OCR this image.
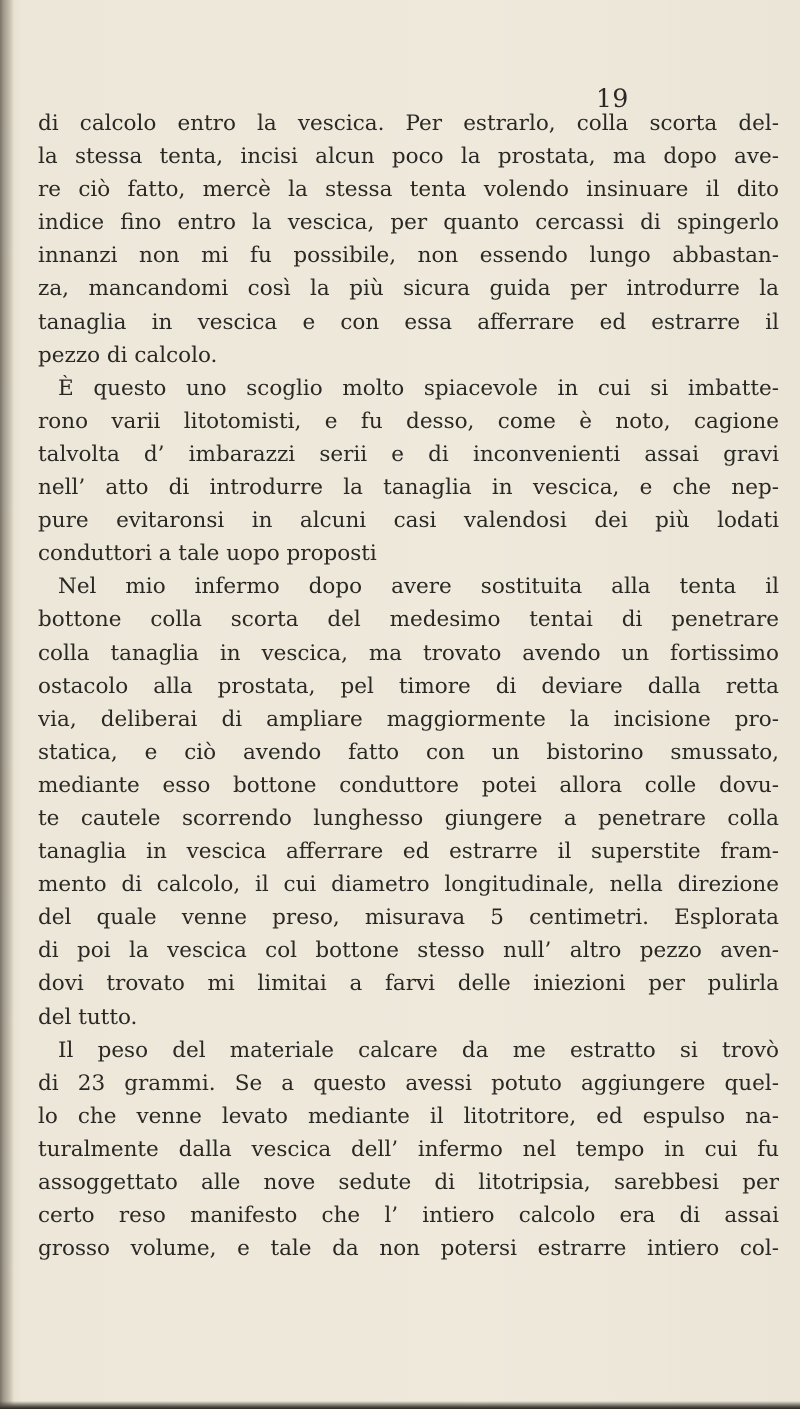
19
di calcolo entro la vescica. Per estrarlo, colla scorta del-
la stessa tenta, incisi alcun poco la prostata, ma dopo ave-
re ciò fatto, mercè la stessa tenta volendo insinuare il dito
indice fino entro la vescica, per quanto cercassi di spingerlo
innanzi non mi fu possibile, non essendo lungo abbastan-
za, mancandomi così la più sicura guida per introdurre la
tanaglia in vescica e con essa afferrare ed estrarre il
pezzo di calcolo.
È questo uno scoglio molto spiacevole in cui si imbatte-
rono varii litotomisti, e fu desso, come è noto, cagione
talvolta d’ imbarazzi serii e di inconvenienti assai gravi
nell’ atto di introdurre la tanaglia in vescica, e che nep-
pure evitaronsi in alcuni casi valendosi dei più lodati
conduttori a tale uopo proposti
Nel mio infermo dopo avere sostituita alla tenta il
bottone colla scorta del medesimo tentai di penetrare
colla tanaglia in vescica, ma trovato avendo un fortissimo
ostacolo alla prostata, pel timore di deviare dalla retta
via, deliberai di ampliare maggiormente la incisione pro-
statica, e ciò avendo fatto con un bistorino smussato,
mediante esso bottone conduttore potei allora colle dovu-
te cautele scorrendo lunghesso giungere a penetrare colla
tanaglia in vescica afferrare ed estrarre il superstite fram-
mento di calcolo, il cui diametro longitudinale, nella direzione
del quale venne preso, misurava 5 centimetri. Esplorata
di poi la vescica col bottone stesso null’ altro pezzo aven-
dovi trovato mi limitai a farvi delle iniezioni per pulirla
del tutto.
Il peso del materiale calcare da me estratto si trovò
di 23 grammi. Se a questo avessi potuto aggiungere quel-
lo che venne levato mediante il litotritore, ed espulso na-
turalmente dalla vescica dell’ infermo nel tempo in cui fu
assoggettato alle nove sedute di litotripsia, sarebbesi per
certo reso manifesto che l’ intiero calcolo era di assai
grosso volume, e tale da non potersi estrarre intiero col-
